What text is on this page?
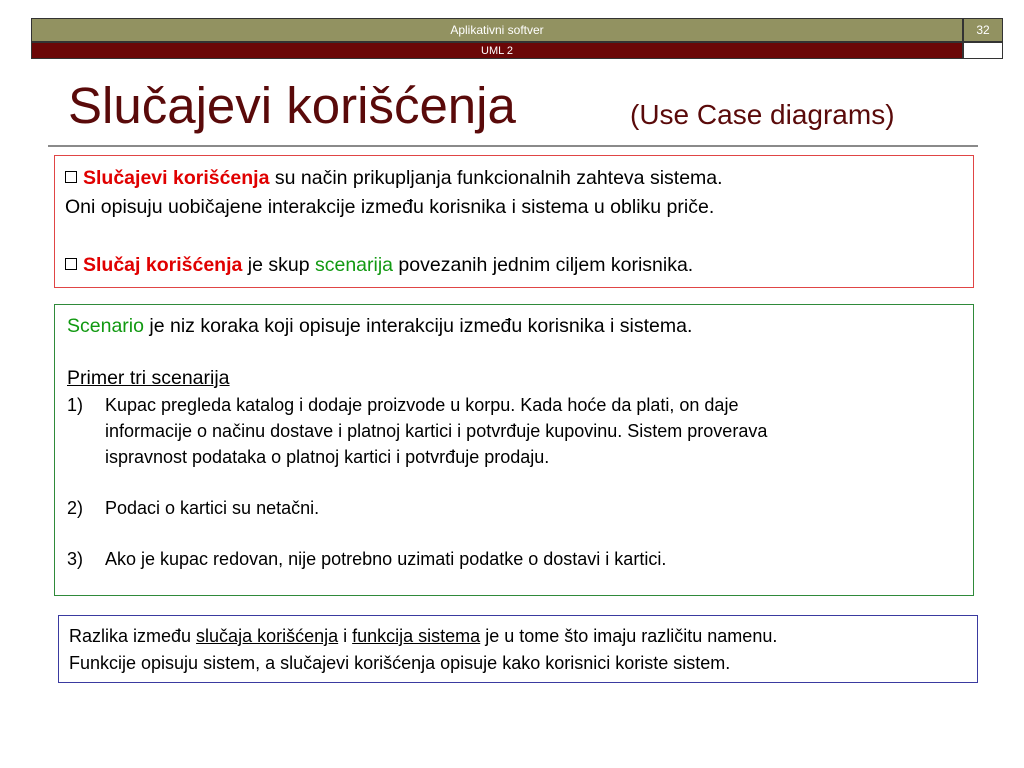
Aplikativni softver	32
UML 2
Slučajevi korišćenja	(Use Case diagrams)
Slučajevi korišćenja su način prikupljanja funkcionalnih zahteva sistema.
Oni opisuju uobičajene interakcije između korisnika i sistema u obliku priče.
Slučaj korišćenja je skup scenarija povezanih jednim ciljem korisnika.
Scenario je niz koraka koji opisuje interakciju između korisnika i sistema.
Primer tri scenarija
1)	Kupac pregleda katalog i dodaje proizvode u korpu. Kada hoće da plati, on daje
informacije o načinu dostave i platnoj kartici i potvrđuje kupovinu. Sistem proverava
ispravnost podataka o platnoj kartici i potvrđuje prodaju.
2)	Podaci o kartici su netačni.
3)	Ako je kupac redovan, nije potrebno uzimati podatke o dostavi i kartici.
Razlika između slučaja korišćenja i funkcija sistema je u tome što imaju različitu namenu.
Funkcije opisuju sistem, a slučajevi korišćenja opisuje kako korisnici koriste sistem.
